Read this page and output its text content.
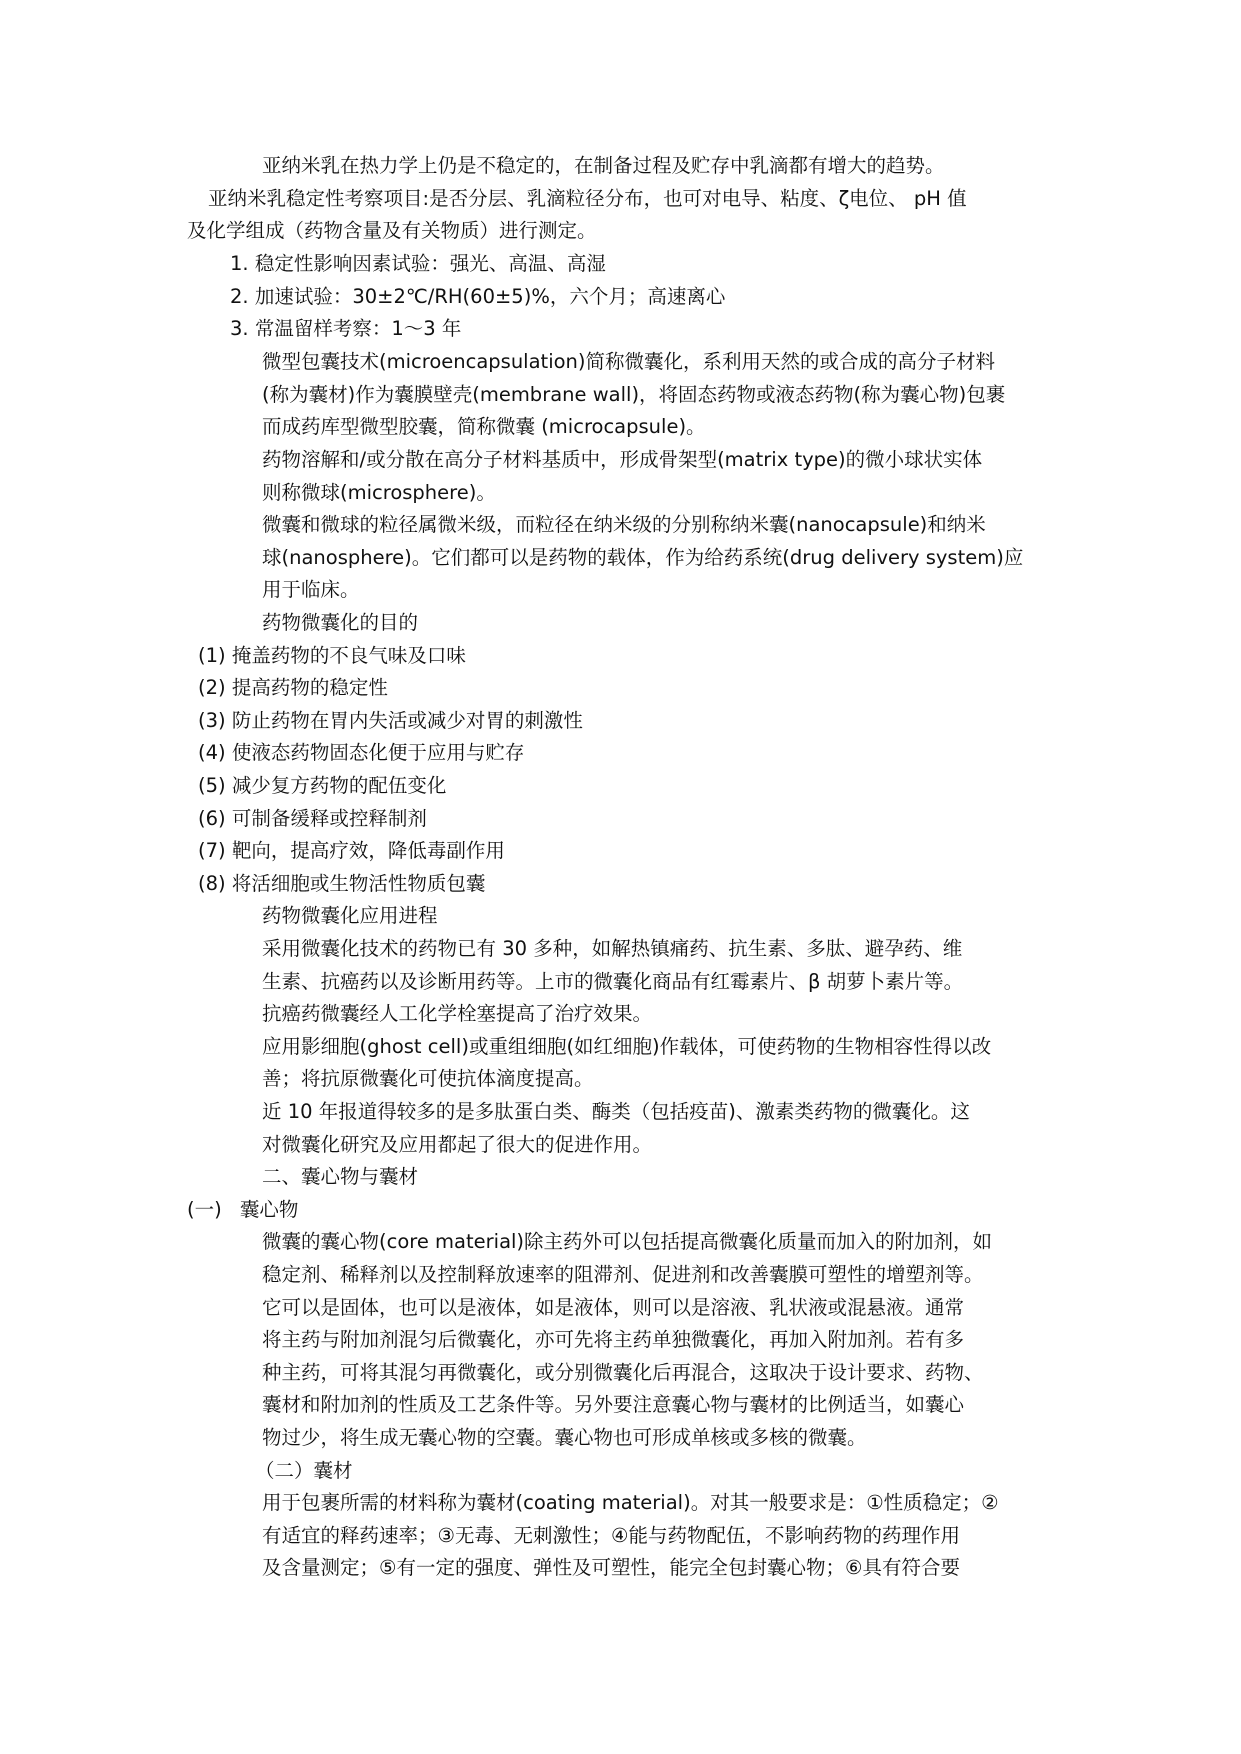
亚纳米乳在热力学上仍是不稳定的，在制备过程及贮存中乳滴都有增大的趋势。
亚纳米乳稳定性考察项目:是否分层、乳滴粒径分布，也可对电导、粘度、ζ电位、 pH 值
及化学组成（药物含量及有关物质）进行测定。
1. 稳定性影响因素试验：强光、高温、高湿
2. 加速试验：30±2℃/RH(60±5)%，六个月；高速离心
3. 常温留样考察：1～3 年
微型包囊技术(microencapsulation)简称微囊化，系利用天然的或合成的高分子材料
(称为囊材)作为囊膜壁壳(membrane wall)，将固态药物或液态药物(称为囊心物)包裹
而成药库型微型胶囊，简称微囊 (microcapsule)。
药物溶解和/或分散在高分子材料基质中，形成骨架型(matrix type)的微小球状实体
则称微球(microsphere)。
微囊和微球的粒径属微米级，而粒径在纳米级的分别称纳米囊(nanocapsule)和纳米
球(nanosphere)。它们都可以是药物的载体，作为给药系统(drug delivery system)应
用于临床。
药物微囊化的目的
(1) 掩盖药物的不良气味及口味
(2) 提高药物的稳定性
(3) 防止药物在胃内失活或减少对胃的刺激性
(4) 使液态药物固态化便于应用与贮存
(5) 减少复方药物的配伍变化
(6) 可制备缓释或控释制剂
(7) 靶向，提高疗效，降低毒副作用
(8) 将活细胞或生物活性物质包囊
药物微囊化应用进程
采用微囊化技术的药物已有 30 多种，如解热镇痛药、抗生素、多肽、避孕药、维
生素、抗癌药以及诊断用药等。上市的微囊化商品有红霉素片、β 胡萝卜素片等。
抗癌药微囊经人工化学栓塞提高了治疗效果。
应用影细胞(ghost cell)或重组细胞(如红细胞)作载体，可使药物的生物相容性得以改
善；将抗原微囊化可使抗体滴度提高。
近 10 年报道得较多的是多肽蛋白类、酶类（包括疫苗)、激素类药物的微囊化。这
对微囊化研究及应用都起了很大的促进作用。
二、囊心物与囊材
(一) 囊心物
微囊的囊心物(core material)除主药外可以包括提高微囊化质量而加入的附加剂，如
稳定剂、稀释剂以及控制释放速率的阻滞剂、促进剂和改善囊膜可塑性的增塑剂等。
它可以是固体，也可以是液体，如是液体，则可以是溶液、乳状液或混悬液。通常
将主药与附加剂混匀后微囊化，亦可先将主药单独微囊化，再加入附加剂。若有多
种主药，可将其混匀再微囊化，或分别微囊化后再混合，这取决于设计要求、药物、
囊材和附加剂的性质及工艺条件等。另外要注意囊心物与囊材的比例适当，如囊心
物过少，将生成无囊心物的空囊。囊心物也可形成单核或多核的微囊。
（二）囊材
用于包裹所需的材料称为囊材(coating material)。对其一般要求是：①性质稳定；②
有适宜的释药速率；③无毒、无刺激性；④能与药物配伍，不影响药物的药理作用
及含量测定；⑤有一定的强度、弹性及可塑性，能完全包封囊心物；⑥具有符合要
